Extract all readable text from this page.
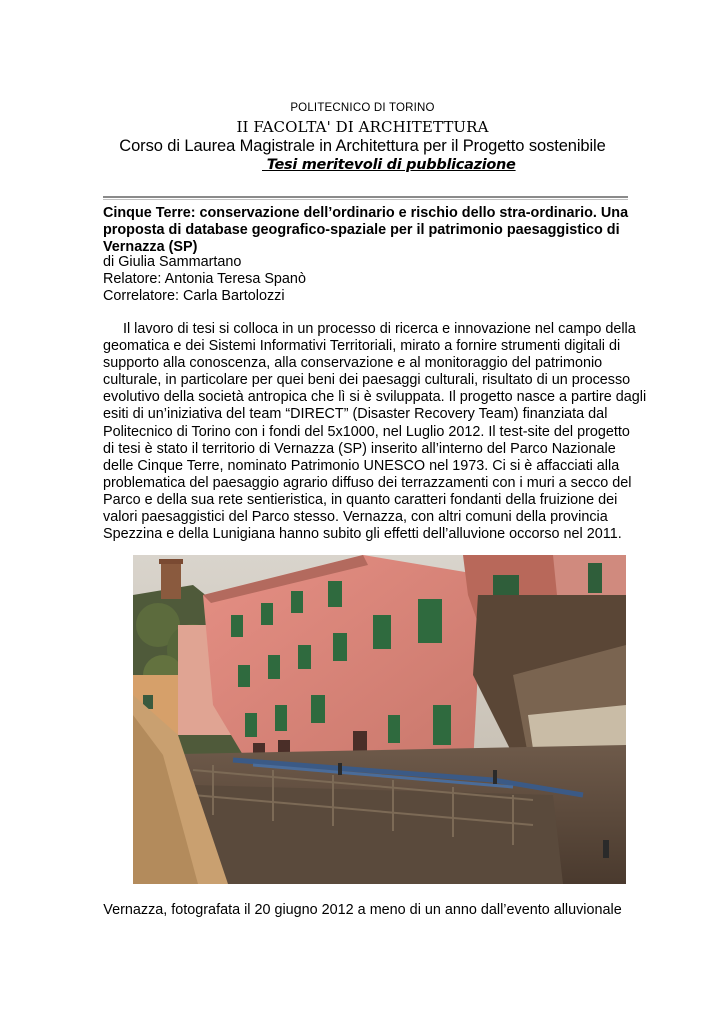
POLITECNICO DI TORINO
II FACOLTA' DI ARCHITETTURA
Corso di Laurea Magistrale in Architettura per il Progetto sostenibile
Tesi meritevoli di pubblicazione
Cinque Terre: conservazione dell’ordinario e rischio dello stra-ordinario. Una
proposta di database geografico-spaziale per il patrimonio paesaggistico di
Vernazza (SP)
di Giulia Sammartano
Relatore: Antonia Teresa Spanò
Correlatore: Carla Bartolozzi
Il lavoro di tesi si colloca in un processo di ricerca e innovazione nel campo della
geomatica e dei Sistemi Informativi Territoriali, mirato a fornire strumenti digitali di
supporto alla conoscenza, alla conservazione e al monitoraggio del patrimonio
culturale, in particolare per quei beni dei paesaggi culturali, risultato di un processo
evolutivo della società antropica che lì si è sviluppata. Il progetto nasce a partire dagli
esiti di un’iniziativa del team “DIRECT” (Disaster Recovery Team) finanziata dal
Politecnico di Torino con i fondi del 5x1000, nel Luglio 2012. Il test-site del progetto
di tesi è stato il territorio di Vernazza (SP) inserito all’interno del Parco Nazionale
delle Cinque Terre, nominato Patrimonio UNESCO nel 1973. Ci si è affacciati alla
problematica del paesaggio agrario diffuso dei terrazzamenti con i muri a secco del
Parco e della sua rete sentieristica, in quanto caratteri fondanti della fruizione dei
valori paesaggistici del Parco stesso. Vernazza, con altri comuni della provincia
Spezzina e della Lunigiana hanno subito gli effetti dell’alluvione occorso nel 2011.
Vernazza, fotografata il 20 giugno 2012 a meno di un anno dall’evento alluvionale
